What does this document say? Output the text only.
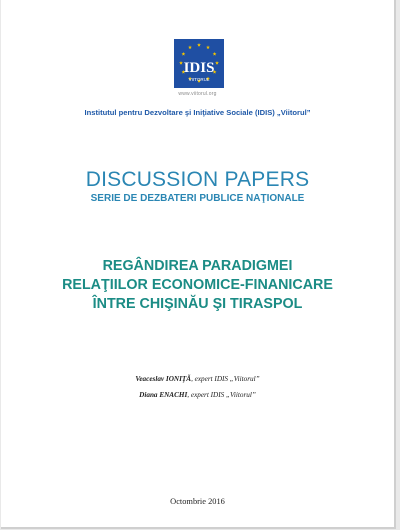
IDIS
VIITORUL
www.viitorul.org
Institutul pentru Dezvoltare şi Iniţiative Sociale (IDIS) „Viitorul”
DISCUSSION PAPERS
SERIE DE DEZBATERI PUBLICE NAŢIONALE
REGÂNDIREA PARADIGMEI
RELAŢIILOR ECONOMICE-FINANICARE
ÎNTRE CHIŞINĂU ŞI TIRASPOL
Veaceslav IONIŢĂ, expert IDIS „Viitorul”
Diana ENACHI, expert IDIS „Viitorul”
Octombrie 2016
